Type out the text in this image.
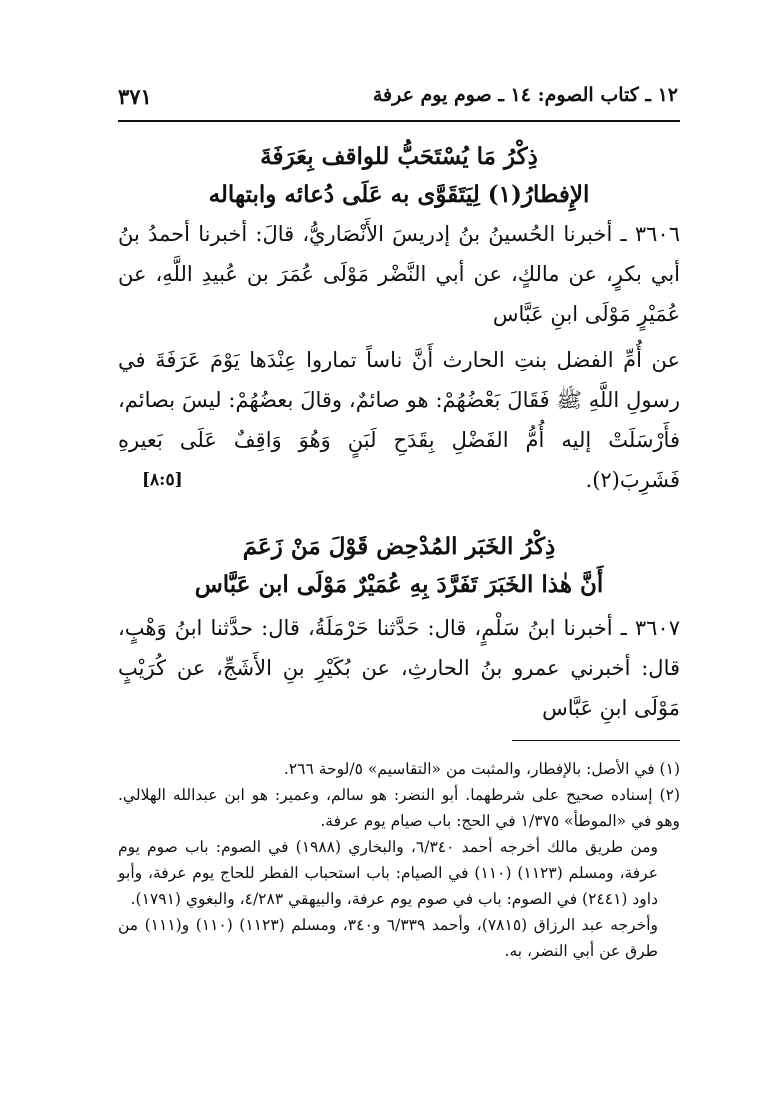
١٢ ـ كتاب الصوم: ١٤ ـ صوم يوم عرفة
٣٧١
ذِكْرُ مَا يُسْتَحَبُّ للواقف بِعَرَفَةَ
الإِفطارُ(١) لِيَتَقَوَّى به عَلَى دُعائه وابتهاله
٣٦٠٦ ـ أخبرنا الحُسينُ بنُ إدريسَ الأَنْصَاريُّ، قالَ: أخبرنا أحمدُ بنُ أبي بكرٍ، عن مالكٍ، عن أبي النَّضْر مَوْلَى عُمَرَ بن عُبيدِ اللَّهِ، عن عُمَيْرٍ مَوْلَى ابنِ عَبَّاس
عن أُمِّ الفضل بنتِ الحارث أَنَّ ناساً تماروا عِنْدَها يَوْمَ عَرَفَةَ في رسولِ اللَّهِ ﷺ فَقَالَ بَعْضُهُمْ: هو صائمٌ، وقالَ بعضُهُمْ: ليسَ بصائم، فأَرْسَلَتْ إليه أُمُّ الفَضْلِ بِقَدَحِ لَبَنٍ وَهُوَ وَاقِفٌ عَلَى بَعيرهِ فَشَرِبَ(٢).
[٨:٥]
ذِكْرُ الخَبَر المُدْحِض قَوْلَ مَنْ زَعَمَ
أَنَّ هٰذا الخَبَرَ تَفَرَّدَ بِهِ عُمَيْرٌ مَوْلَى ابن عَبَّاس
٣٦٠٧ ـ أخبرنا ابنُ سَلْمٍ، قال: حَدَّثنا حَرْمَلَةُ، قال: حدَّثنا ابنُ وَهْبٍ، قال: أخبرني عمرو بنُ الحارثِ، عن بُكَيْرِ بنِ الأَشَجِّ، عن كُرَيْبٍ مَوْلَى ابنِ عَبَّاس

(١) في الأصل: بالإفطار، والمثبت من «التقاسيم» ٥/لوحة ٢٦٦.

(٢) إسناده صحيح على شرطهما. أبو النضر: هو سالم، وعمير: هو ابن عبدالله الهلالي. وهو في «الموطأ» ١/٣٧٥ في الحج: باب صيام يوم عرفة.

ومن طريق مالك أخرجه أحمد ٦/٣٤٠، والبخاري (١٩٨٨) في الصوم: باب صوم يوم عرفة، ومسلم (١١٢٣) (١١٠) في الصيام: باب استحباب الفطر للحاج يوم عرفة، وأبو داود (٢٤٤١) في الصوم: باب في صوم يوم عرفة، والبيهقي ٤/٢٨٣، والبغوي (١٧٩١).

وأخرجه عبد الرزاق (٧٨١٥)، وأحمد ٦/٣٣٩ و٣٤٠، ومسلم (١١٢٣) (١١٠) و(١١١) من طرق عن أبي النضر، به.
